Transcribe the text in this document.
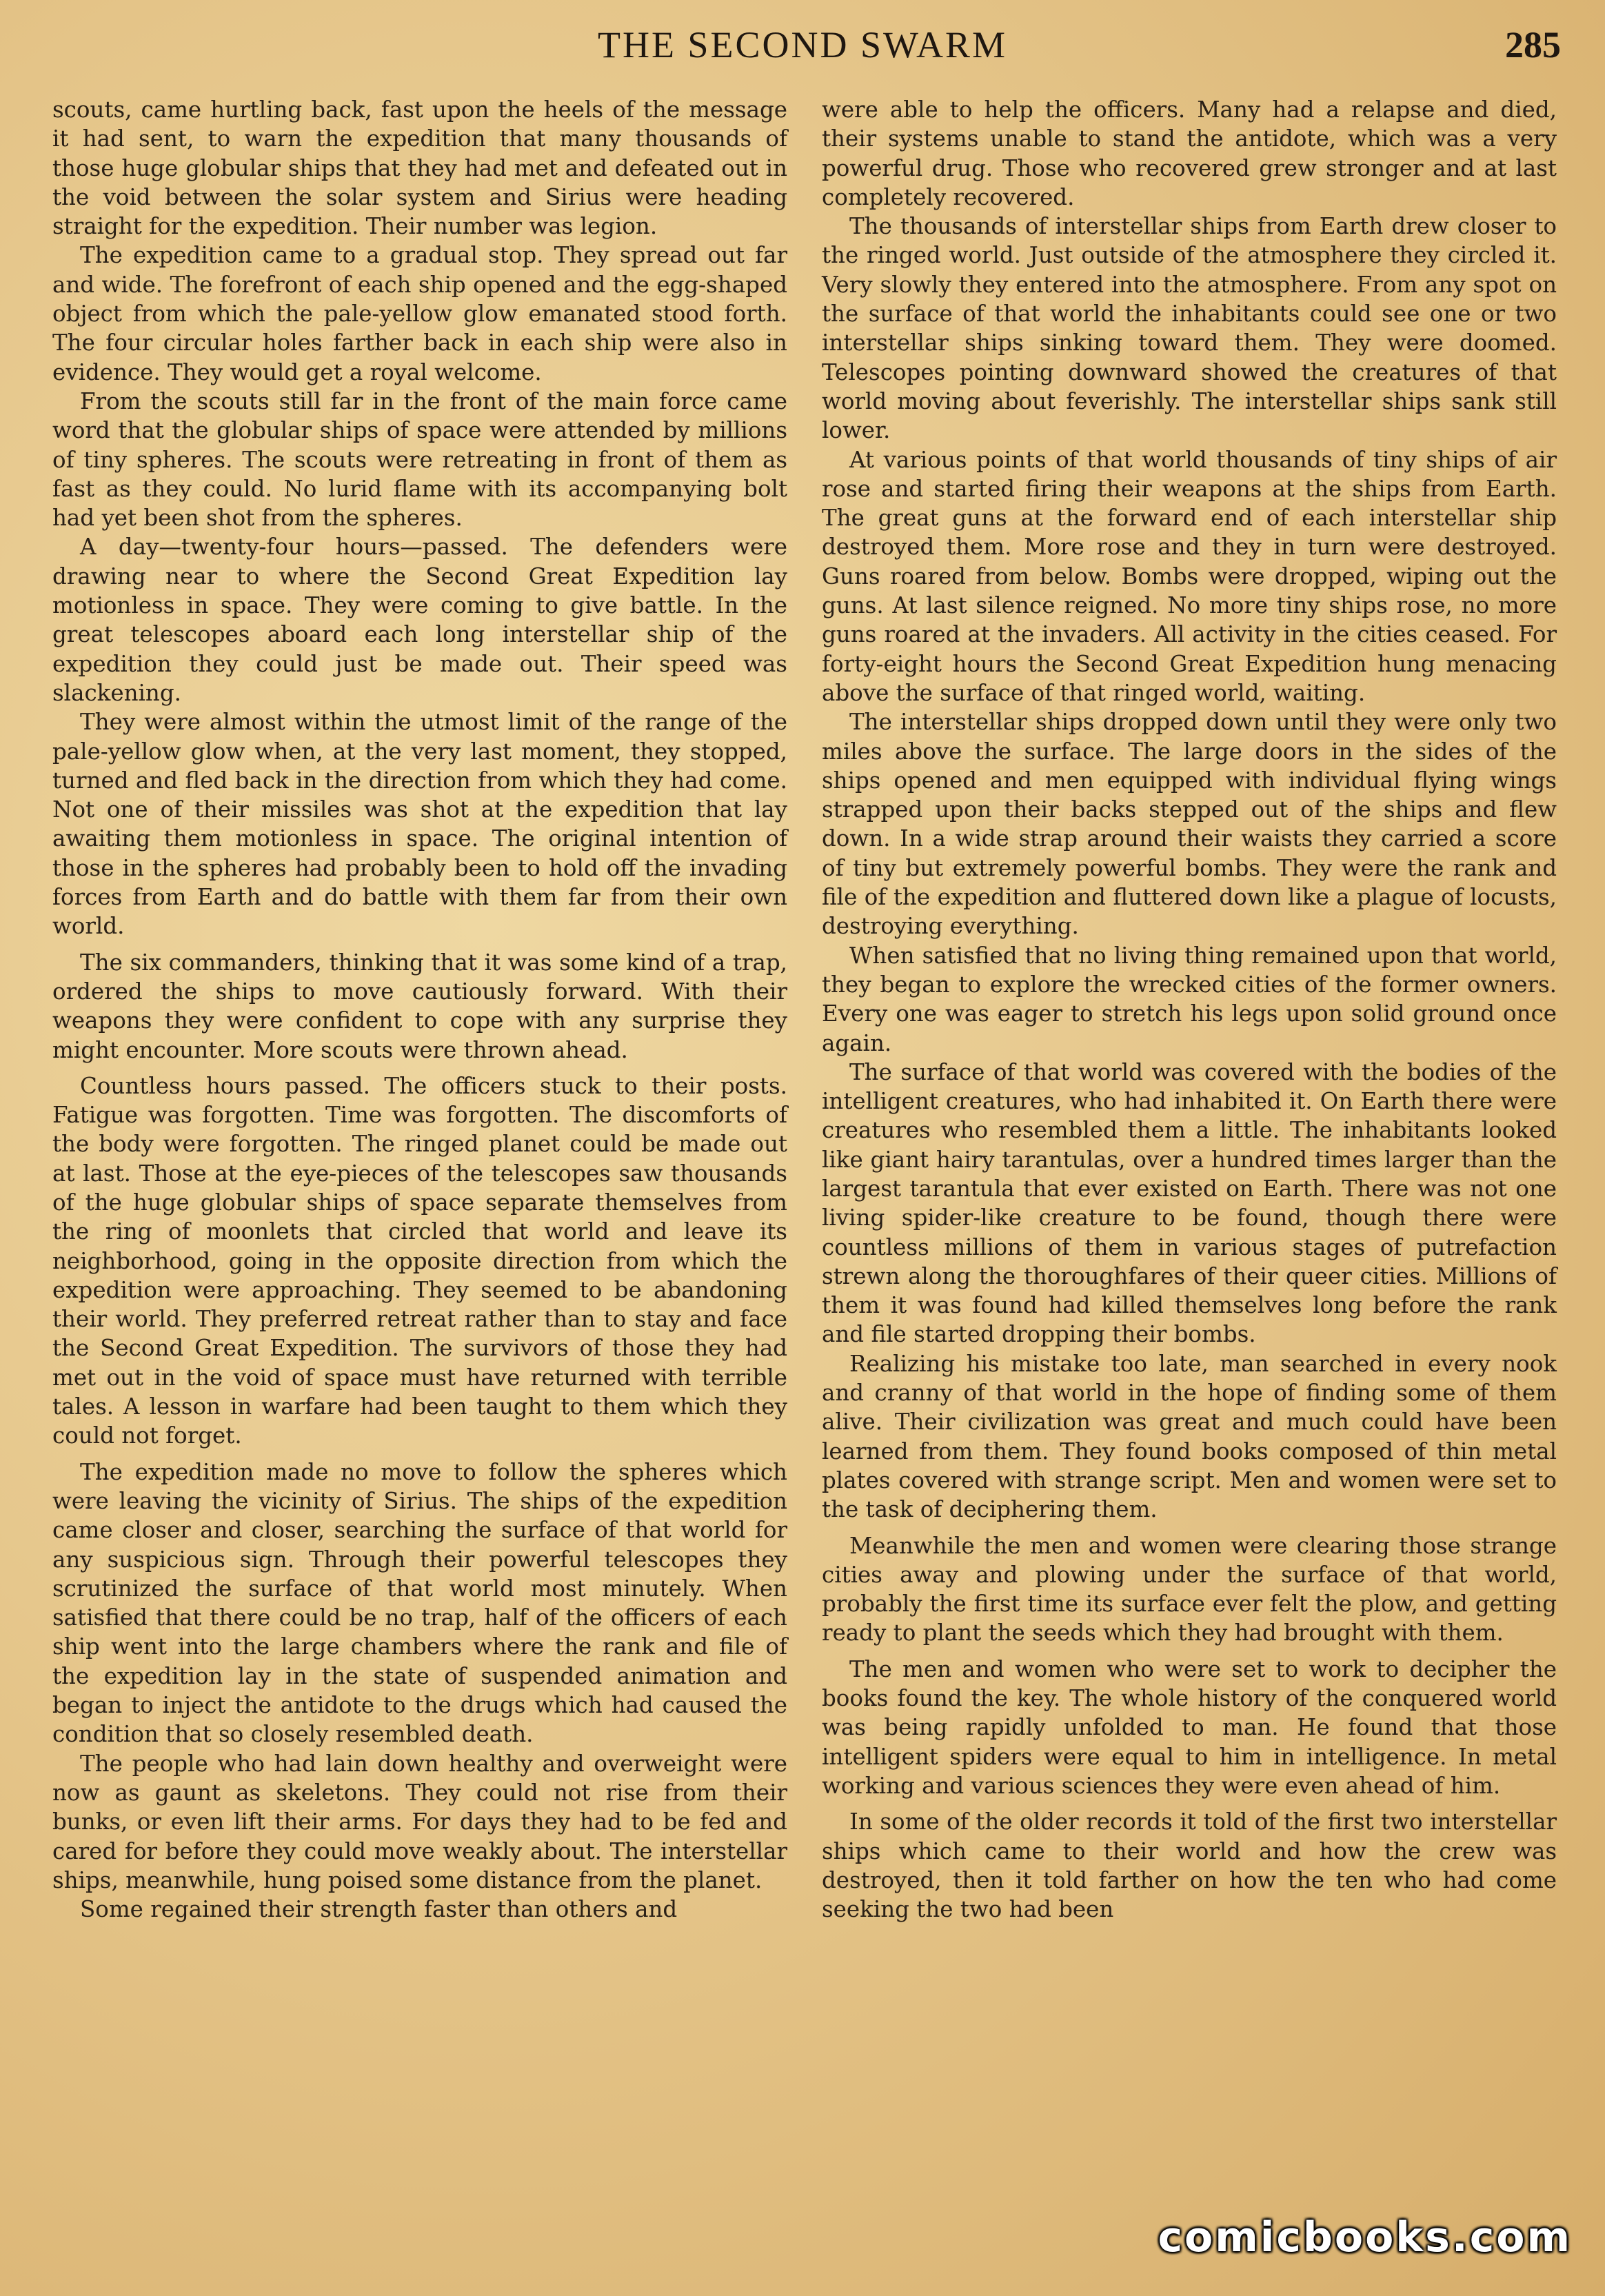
THE SECOND SWARM	285

scouts, came hurtling back, fast upon the heels of the message it had sent, to warn the expedition that many thousands of those huge globular ships that they had met and defeated out in the void between the solar system and Sirius were heading straight for the expedition. Their number was legion.

The expedition came to a gradual stop. They spread out far and wide. The forefront of each ship opened and the egg-shaped object from which the pale-yellow glow emanated stood forth. The four circular holes farther back in each ship were also in evidence. They would get a royal welcome.

From the scouts still far in the front of the main force came word that the globular ships of space were attended by millions of tiny spheres. The scouts were retreating in front of them as fast as they could. No lurid flame with its accompanying bolt had yet been shot from the spheres.

A day—twenty-four hours—passed. The defenders were drawing near to where the Second Great Expedition lay motionless in space. They were coming to give battle. In the great telescopes aboard each long interstellar ship of the expedition they could just be made out. Their speed was slackening.

They were almost within the utmost limit of the range of the pale-yellow glow when, at the very last moment, they stopped, turned and fled back in the direction from which they had come. Not one of their missiles was shot at the expedition that lay awaiting them motionless in space. The original intention of those in the spheres had probably been to hold off the invading forces from Earth and do battle with them far from their own world.

The six commanders, thinking that it was some kind of a trap, ordered the ships to move cautiously forward. With their weapons they were confident to cope with any surprise they might encounter. More scouts were thrown ahead.

Countless hours passed. The officers stuck to their posts. Fatigue was forgotten. Time was forgotten. The discomforts of the body were forgotten. The ringed planet could be made out at last. Those at the eye-pieces of the telescopes saw thousands of the huge globular ships of space separate themselves from the ring of moonlets that circled that world and leave its neighborhood, going in the opposite direction from which the expedition were approaching. They seemed to be abandoning their world. They preferred retreat rather than to stay and face the Second Great Expedition. The survivors of those they had met out in the void of space must have returned with terrible tales. A lesson in warfare had been taught to them which they could not forget.

The expedition made no move to follow the spheres which were leaving the vicinity of Sirius. The ships of the expedition came closer and closer, searching the surface of that world for any suspicious sign. Through their powerful telescopes they scrutinized the surface of that world most minutely. When satisfied that there could be no trap, half of the officers of each ship went into the large chambers where the rank and file of the expedition lay in the state of suspended animation and began to inject the antidote to the drugs which had caused the condition that so closely resembled death.

The people who had lain down healthy and overweight were now as gaunt as skeletons. They could not rise from their bunks, or even lift their arms. For days they had to be fed and cared for before they could move weakly about. The interstellar ships, meanwhile, hung poised some distance from the planet.

Some regained their strength faster than others and

were able to help the officers. Many had a relapse and died, their systems unable to stand the antidote, which was a very powerful drug. Those who recovered grew stronger and at last completely recovered.

The thousands of interstellar ships from Earth drew closer to the ringed world. Just outside of the atmosphere they circled it. Very slowly they entered into the atmosphere. From any spot on the surface of that world the inhabitants could see one or two interstellar ships sinking toward them. They were doomed. Telescopes pointing downward showed the creatures of that world moving about feverishly. The interstellar ships sank still lower.

At various points of that world thousands of tiny ships of air rose and started firing their weapons at the ships from Earth. The great guns at the forward end of each interstellar ship destroyed them. More rose and they in turn were destroyed. Guns roared from below. Bombs were dropped, wiping out the guns. At last silence reigned. No more tiny ships rose, no more guns roared at the invaders. All activity in the cities ceased. For forty-eight hours the Second Great Expedition hung menacing above the surface of that ringed world, waiting.

The interstellar ships dropped down until they were only two miles above the surface. The large doors in the sides of the ships opened and men equipped with individual flying wings strapped upon their backs stepped out of the ships and flew down. In a wide strap around their waists they carried a score of tiny but extremely powerful bombs. They were the rank and file of the expedition and fluttered down like a plague of locusts, destroying everything.

When satisfied that no living thing remained upon that world, they began to explore the wrecked cities of the former owners. Every one was eager to stretch his legs upon solid ground once again.

The surface of that world was covered with the bodies of the intelligent creatures, who had inhabited it. On Earth there were creatures who resembled them a little. The inhabitants looked like giant hairy tarantulas, over a hundred times larger than the largest tarantula that ever existed on Earth. There was not one living spider-like creature to be found, though there were countless millions of them in various stages of putrefaction strewn along the thoroughfares of their queer cities. Millions of them it was found had killed themselves long before the rank and file started dropping their bombs.

Realizing his mistake too late, man searched in every nook and cranny of that world in the hope of finding some of them alive. Their civilization was great and much could have been learned from them. They found books composed of thin metal plates covered with strange script. Men and women were set to the task of deciphering them.

Meanwhile the men and women were clearing those strange cities away and plowing under the surface of that world, probably the first time its surface ever felt the plow, and getting ready to plant the seeds which they had brought with them.

The men and women who were set to work to decipher the books found the key. The whole history of the conquered world was being rapidly unfolded to man. He found that those intelligent spiders were equal to him in intelligence. In metal working and various sciences they were even ahead of him.

In some of the older records it told of the first two interstellar ships which came to their world and how the crew was destroyed, then it told farther on how the ten who had come seeking the two had been

comicbooks.com
